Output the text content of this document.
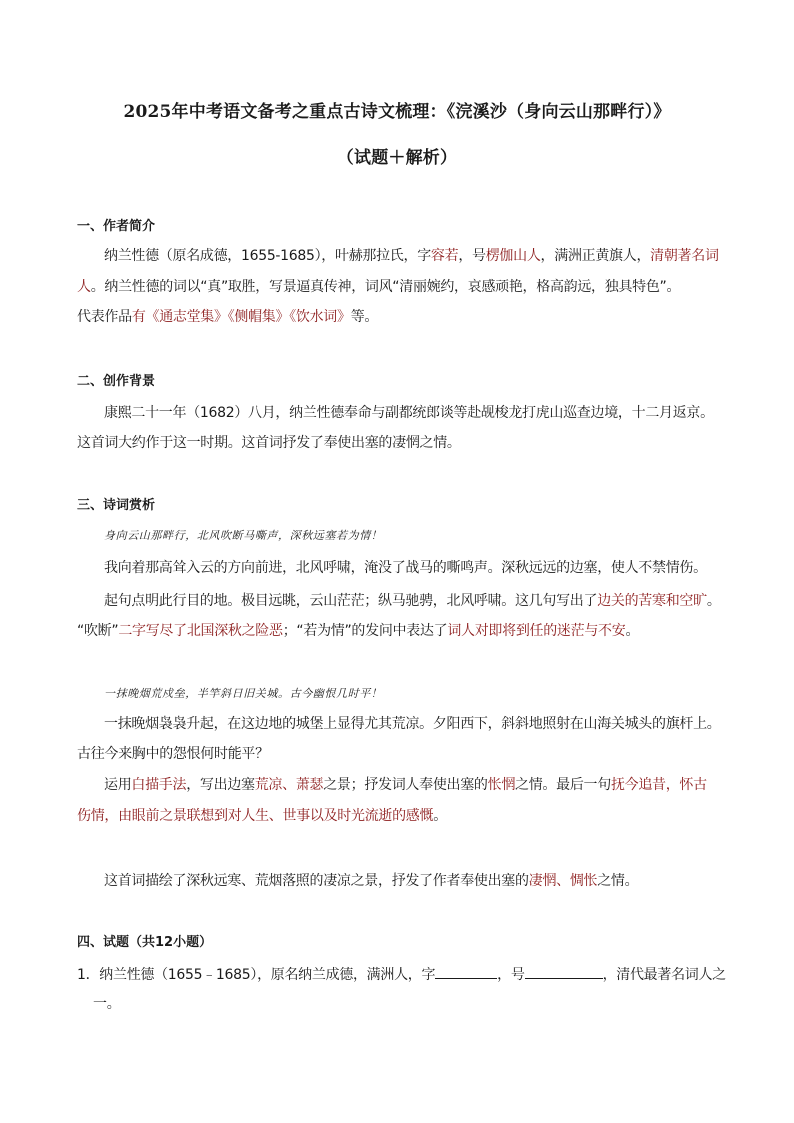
2025年中考语文备考之重点古诗文梳理：《浣溪沙（身向云山那畔行）》
（试题＋解析）
一、作者简介
纳兰性德（原名成德，1655-1685），叶赫那拉氏，字容若，号楞伽山人，满洲正黄旗人，清朝著名词
人。纳兰性德的词以“真”取胜，写景逼真传神，词风“清丽婉约，哀感顽艳，格高韵远，独具特色”。
代表作品有《通志堂集》《侧帽集》《饮水词》等。
二、创作背景
康熙二十一年（1682）八月，纳兰性德奉命与副都统郎谈等赴觇梭龙打虎山巡查边境，十二月返京。
这首词大约作于这一时期。这首词抒发了奉使出塞的凄惘之情。
三、诗词赏析
身向云山那畔行，北风吹断马嘶声，深秋远塞若为情！
我向着那高耸入云的方向前进，北风呼啸，淹没了战马的嘶鸣声。深秋远远的边塞，使人不禁情伤。
起句点明此行目的地。极目远眺，云山茫茫；纵马驰骋，北风呼啸。这几句写出了边关的苦寒和空旷。
“吹断”二字写尽了北国深秋之险恶；“若为情”的发问中表达了词人对即将到任的迷茫与不安。
一抹晚烟荒戍垒，半竿斜日旧关城。古今幽恨几时平！
一抹晚烟袅袅升起，在这边地的城堡上显得尤其荒凉。夕阳西下，斜斜地照射在山海关城头的旗杆上。
古往今来胸中的怨恨何时能平？
运用白描手法，写出边塞荒凉、萧瑟之景；抒发词人奉使出塞的怅惘之情。最后一句抚今追昔，怀古
伤情，由眼前之景联想到对人生、世事以及时光流逝的感慨。
这首词描绘了深秋远寒、荒烟落照的凄凉之景，抒发了作者奉使出塞的凄惘、惆怅之情。
四、试题（共12小题）
1．纳兰性德（1655﹣1685），原名纳兰成德，满洲人，字	，号	，清代最著名词人之
一。
